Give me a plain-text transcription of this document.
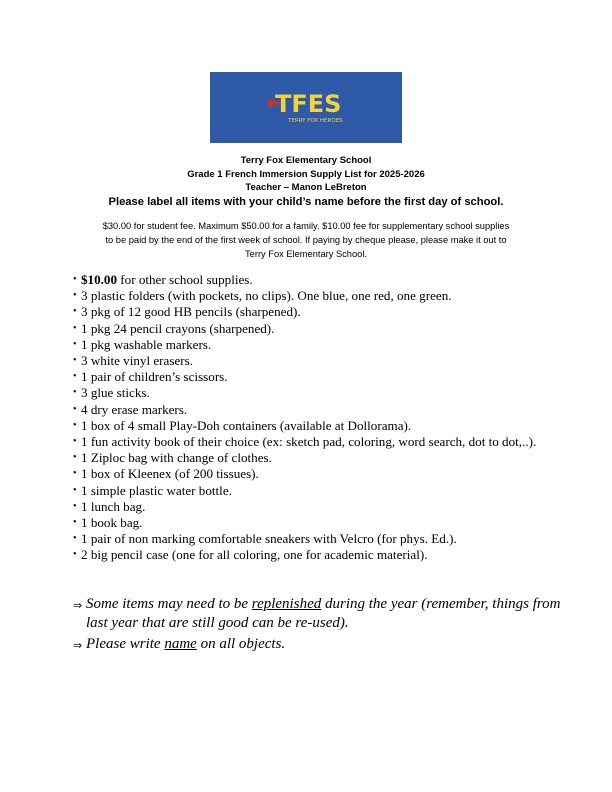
TFES
TERRY FOX HEROES
Terry Fox Elementary School
Grade 1 French Immersion Supply List for 2025-2026
Teacher – Manon LeBreton
Please label all items with your child’s name before the first day of school.
$30.00 for student fee. Maximum $50.00 for a family. $10.00 fee for supplementary school supplies
to be paid by the end of the first week of school. If paying by cheque please, please make it out to
Terry Fox Elementary School.
• $10.00 for other school supplies.
• 3 plastic folders (with pockets, no clips). One blue, one red, one green.
• 3 pkg of 12 good HB pencils (sharpened).
• 1 pkg 24 pencil crayons (sharpened).
• 1 pkg washable markers.
• 3 white vinyl erasers.
• 1 pair of children’s scissors.
• 3 glue sticks.
• 4 dry erase markers.
• 1 box of 4 small Play-Doh containers (available at Dollorama).
• 1 fun activity book of their choice (ex: sketch pad, coloring, word search, dot to dot,..).
• 1 Ziploc bag with change of clothes.
• 1 box of Kleenex (of 200 tissues).
• 1 simple plastic water bottle.
• 1 lunch bag.
• 1 book bag.
• 1 pair of non marking comfortable sneakers with Velcro (for phys. Ed.).
• 2 big pencil case (one for all coloring, one for academic material).
⇒ Some items may need to be replenished during the year (remember, things from last year that are still good can be re-used).
⇒ Please write name on all objects.
